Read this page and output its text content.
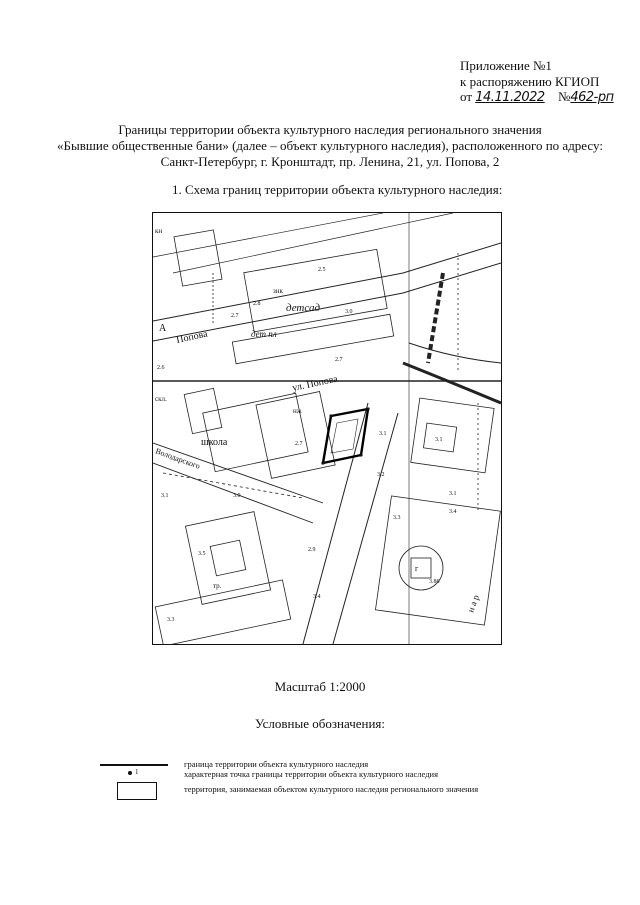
Приложение №1
к распоряжению КГИОП
от 14.11.2022 №462-рп
Границы территории объекта культурного наследия регионального значения
«Бывшие общественные бани» (далее – объект культурного наследия), расположенного по адресу:
Санкт-Петербург, г. Кронштадт, пр. Ленина, 21, ул. Попова, 2
1. Схема границ территории объекта культурного наследия:
детсад
дет пл
ул. Попова
Попова
школа
знк
нж
Володарского
тр.
скл.
н а р
кн
А
г
2.5
2.7
2.8
3.0
2.6
2.7
3.1
3.1
3.2
3.1
2.7
3.0
3.1
3.3
3.4
3.86
3.4
3.3
2.9
3.5
Масштаб 1:2000
Условные обозначения:
граница территории объекта культурного наследия
1	характерная точка границы территории объекта культурного наследия
территория, занимаемая объектом культурного наследия регионального значения
